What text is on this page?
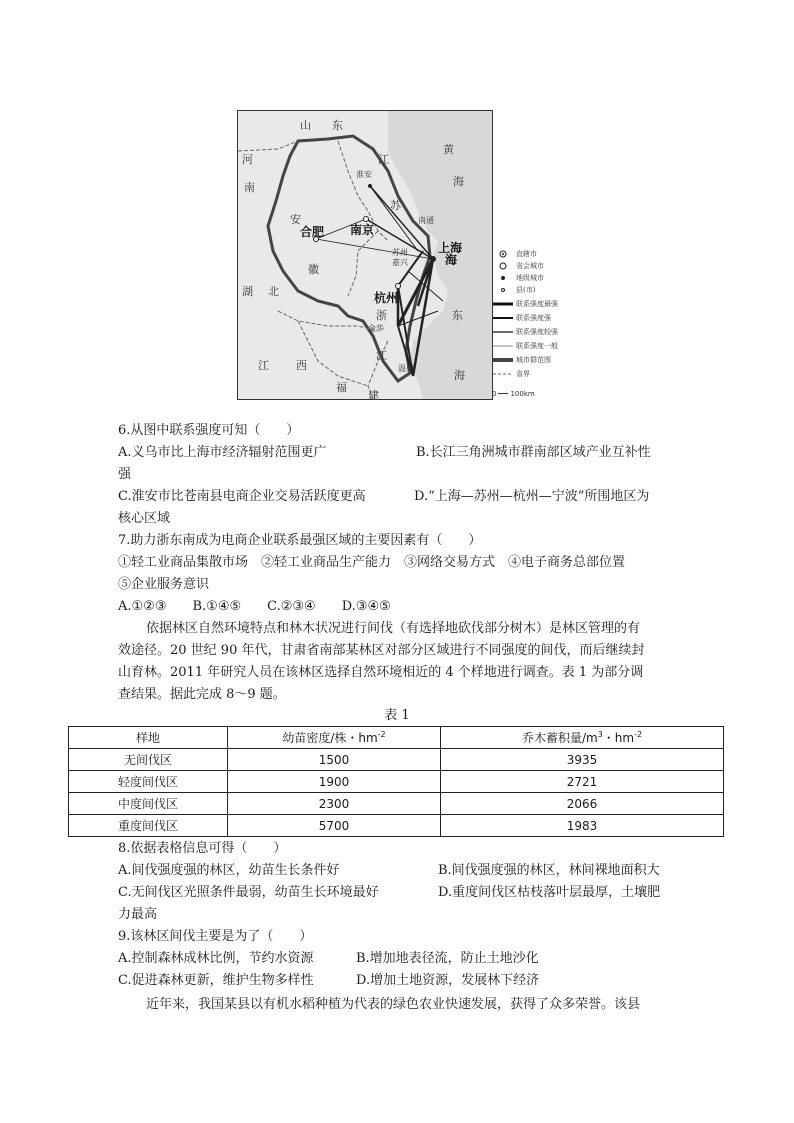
山 东
河
南
安
徽
湖 北
江
苏
黄
海
淮安
南京
合肥
南通
上海
海
苏州
嘉兴
杭州
浙
金华
江
温州
江 西
福
建
东
海
直辖市
省会城市
地级城市
县(市)
联系强度最强
联系强度强
联系强度较强
联系强度一般
城市群范围
省界
0 100km
6.从图中联系强度可知（　　）
A.义乌市比上海市经济辐射范围更广	B.长江三角洲城市群南部区域产业互补性
强
C.淮安市比苍南县电商企业交易活跃度更高	D.“上海—苏州—杭州—宁波”所围地区为
核心区域
7.助力浙东南成为电商企业联系最强区域的主要因素有（　　）
①轻工业商品集散市场　②轻工业商品生产能力　③网络交易方式　④电子商务总部位置
⑤企业服务意识
A.①②③　　B.①④⑤　　C.②③④　　D.③④⑤
依据林区自然环境特点和林木状况进行间伐（有选择地砍伐部分树木）是林区管理的有
效途径。20 世纪 90 年代，甘肃省南部某林区对部分区域进行不同强度的间伐，而后继续封
山育林。2011 年研究人员在该林区选择自然环境相近的 4 个样地进行调查。表 1 为部分调
查结果。据此完成 8～9 题。
表 1
样地	幼苗密度/株・$hm^{-2}$	乔木蓄积量$/m^3$・$hm^{-2}$
无间伐区	1500	3935
轻度间伐区	1900	2721
中度间伐区	2300	2066
重度间伐区	5700	1983
8.依据表格信息可得（　　）
A.间伐强度强的林区，幼苗生长条件好	B.间伐强度强的林区，林间裸地面积大
C.无间伐区光照条件最弱，幼苗生长环境最好	D.重度间伐区枯枝落叶层最厚，土壤肥
力最高
9.该林区间伐主要是为了（　　）
A.控制森林成林比例，节约水资源	B.增加地表径流，防止土地沙化
C.促进森林更新，维护生物多样性	D.增加土地资源，发展林下经济
近年来，我国某县以有机水稻种植为代表的绿色农业快速发展，获得了众多荣誉。该县
